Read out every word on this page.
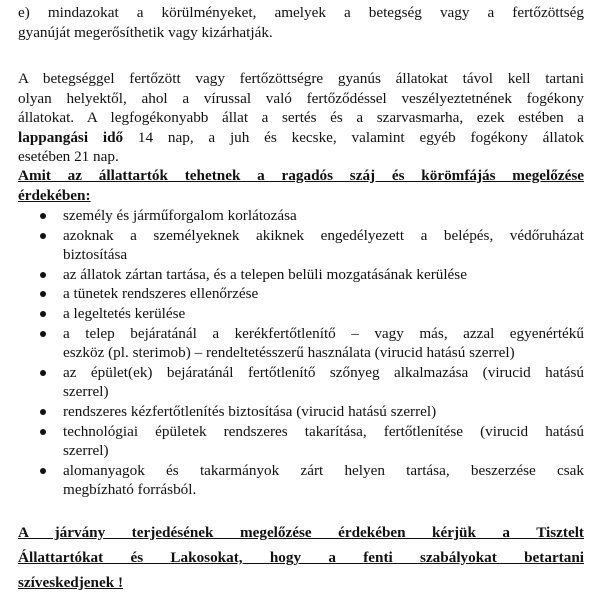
e) mindazokat a körülményeket, amelyek a betegség vagy a fertőzöttség
gyanúját megerősíthetik vagy kizárhatják.

A betegséggel fertőzött vagy fertőzöttségre gyanús állatokat távol kell tartani
olyan helyektől, ahol a vírussal való fertőződéssel veszélyeztetnének fogékony
állatokat. A legfogékonyabb állat a sertés és a szarvasmarha, ezek estében a
lappangási idő 14 nap, a juh és kecske, valamint egyéb fogékony állatok
esetében 21 nap.

Amit az állattartók tehetnek a ragadós száj és körömfájás megelőzése
érdekében:
személy és járműforgalom korlátozása
azoknak a személyeknek akiknek engedélyezett a belépés, védőruházat
biztosítása
az állatok zártan tartása, és a telepen belüli mozgatásának kerülése
a tünetek rendszeres ellenőrzése
a legeltetés kerülése
a telep bejáratánál a kerékfertőtlenítő – vagy más, azzal egyenértékű
eszköz (pl. sterimob) – rendeltetésszerű használata (virucid hatású szerrel)
az épület(ek) bejáratánál fertőtlenítő szőnyeg alkalmazása (virucid hatású
szerrel)
rendszeres kézfertőtlenítés biztosítása (virucid hatású szerrel)
technológiai épületek rendszeres takarítása, fertőtlenítése (virucid hatású
szerrel)
alomanyagok és takarmányok zárt helyen tartása, beszerzése csak
megbízható forrásból.

A járvány terjedésének megelőzése érdekében kérjük a Tisztelt
Állattartókat és Lakosokat, hogy a fenti szabályokat betartani
szíveskedjenek !
